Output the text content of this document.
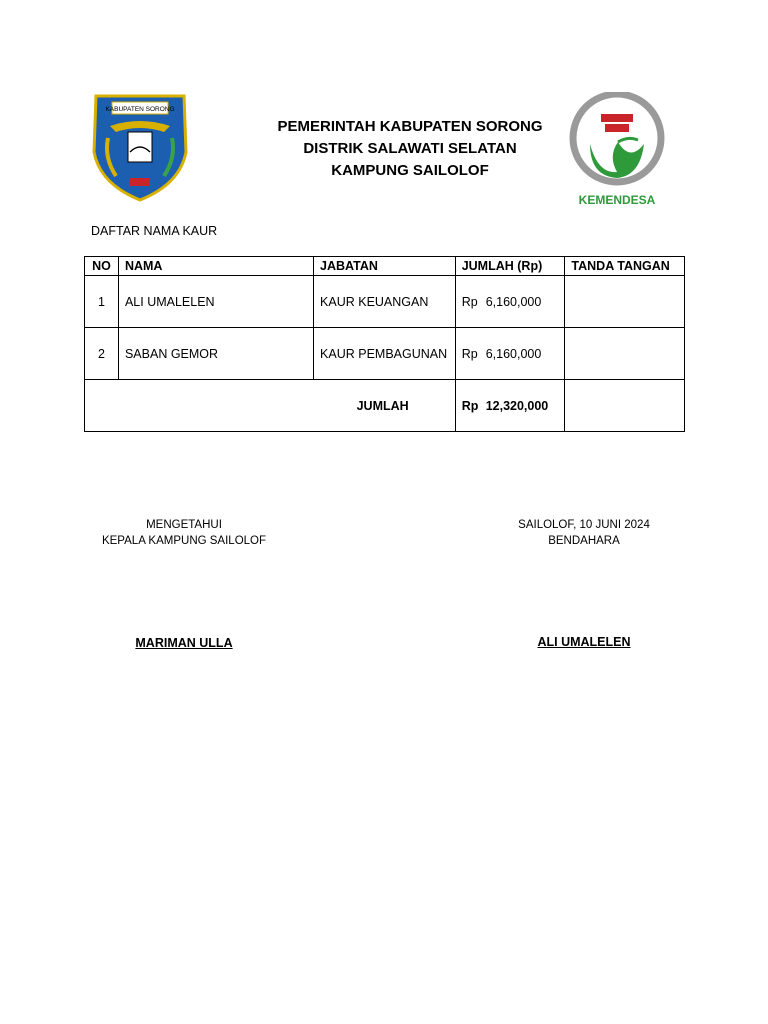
KABUPATEN SORONG
PEMERINTAH KABUPATEN SORONG
DISTRIK SALAWATI SELATAN
KAMPUNG SAILOLOF
KEMENDESA
DAFTAR NAMA KAUR
NO	NAMA	JABATAN	JUMLAH (Rp)	TANDA TANGAN
1	ALI UMALELEN	KAUR KEUANGAN	Rp 6,160,000	
2	SABAN GEMOR	KAUR PEMBAGUNAN	Rp 6,160,000	
JUMLAH			Rp 12,320,000	
MENGETAHUI
KEPALA KAMPUNG SAILOLOF
SAILOLOF, 10 JUNI 2024
BENDAHARA
MARIMAN ULLA	ALI UMALELEN
